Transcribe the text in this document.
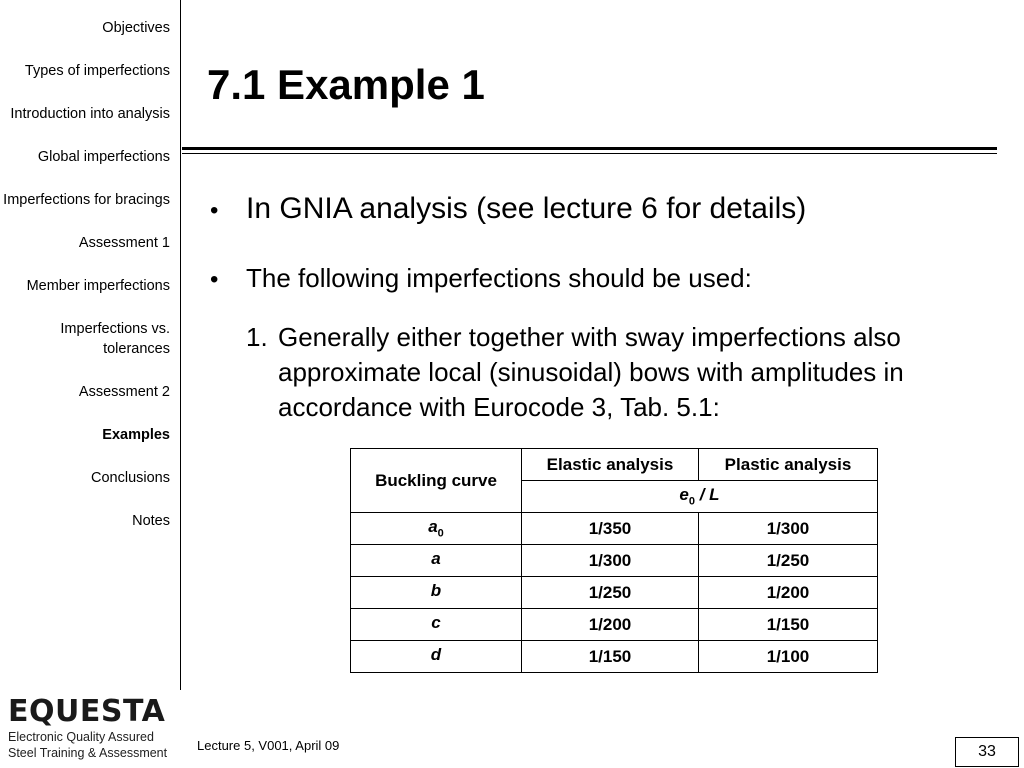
Objectives
Types of imperfections
Introduction into analysis
Global imperfections
Imperfections for bracings
Assessment 1
Member imperfections
Imperfections vs. tolerances
Assessment 2
Examples
Conclusions
Notes
EQUESTA
Electronic Quality Assured
Steel Training & Assessment
7.1 Example 1
• In GNIA analysis (see lecture 6 for details)
•	The following imperfections should be used:
1. Generally either together with sway imperfections also approximate local (sinusoidal) bows with amplitudes in accordance with Eurocode 3, Tab. 5.1:
Buckling curve	Elastic analysis	Plastic analysis
	$e_0$ / L	
$a_0$	1/350	1/300
a	1/300	1/250
b	1/250	1/200
c	1/200	1/150
d	1/150	1/100
Lecture 5, V001, April 09	33
